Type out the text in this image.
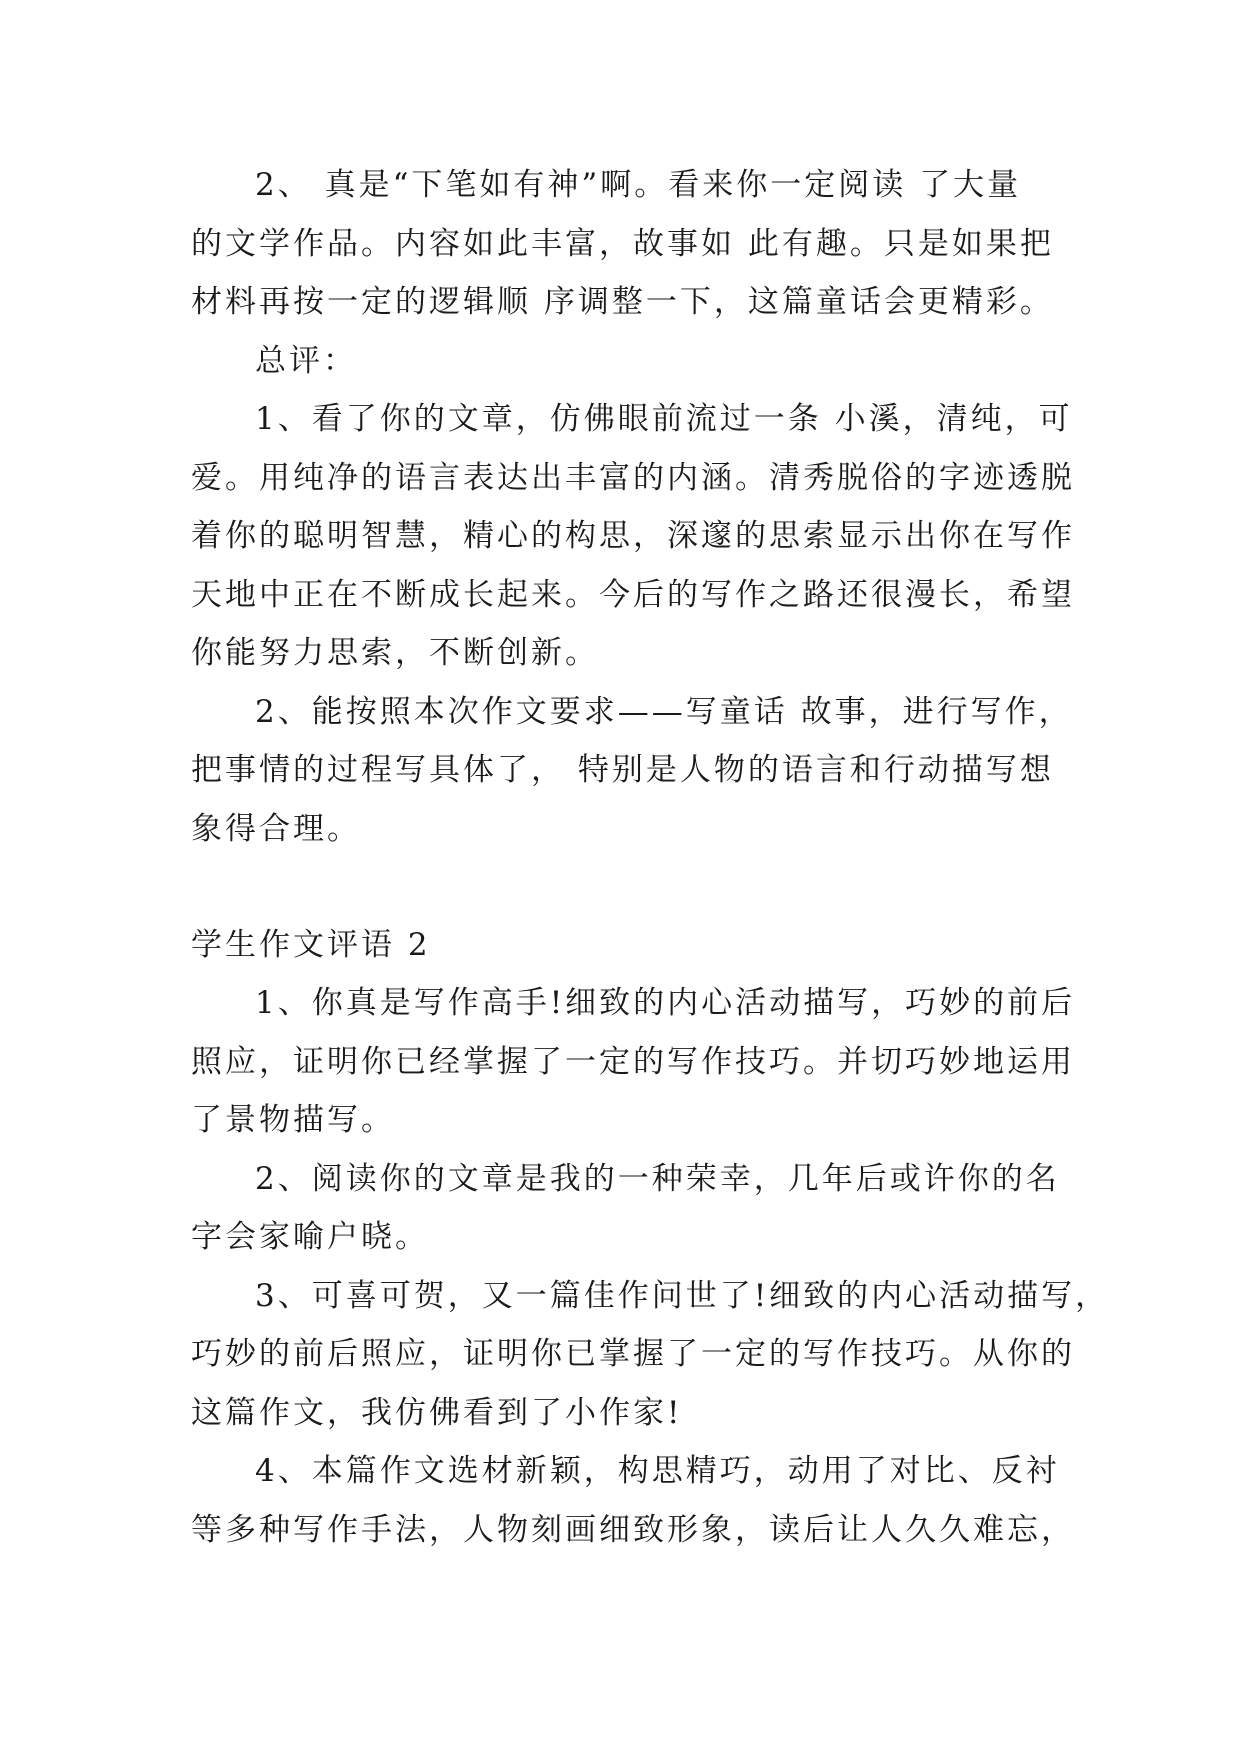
2、 真是“下笔如有神”啊。看来你一定阅读 了大量
的文学作品。内容如此丰富，故事如 此有趣。只是如果把
材料再按一定的逻辑顺 序调整一下，这篇童话会更精彩。
总评：
1、看了你的文章，仿佛眼前流过一条 小溪，清纯，可
爱。用纯净的语言表达出丰富的内涵。清秀脱俗的字迹透脱
着你的聪明智慧，精心的构思，深邃的思索显示出你在写作
天地中正在不断成长起来。今后的写作之路还很漫长，希望
你能努力思索，不断创新。
2、能按照本次作文要求——写童话 故事，进行写作，
把事情的过程写具体了， 特别是人物的语言和行动描写想
象得合理。
学生作文评语 2
1、你真是写作高手!细致的内心活动描写，巧妙的前后
照应，证明你已经掌握了一定的写作技巧。并切巧妙地运用
了景物描写。
2、阅读你的文章是我的一种荣幸，几年后或许你的名
字会家喻户晓。
3、可喜可贺，又一篇佳作问世了!细致的内心活动描写，
巧妙的前后照应，证明你已掌握了一定的写作技巧。从你的
这篇作文，我仿佛看到了小作家!
4、本篇作文选材新颖，构思精巧，动用了对比、反衬
等多种写作手法，人物刻画细致形象，读后让人久久难忘，
